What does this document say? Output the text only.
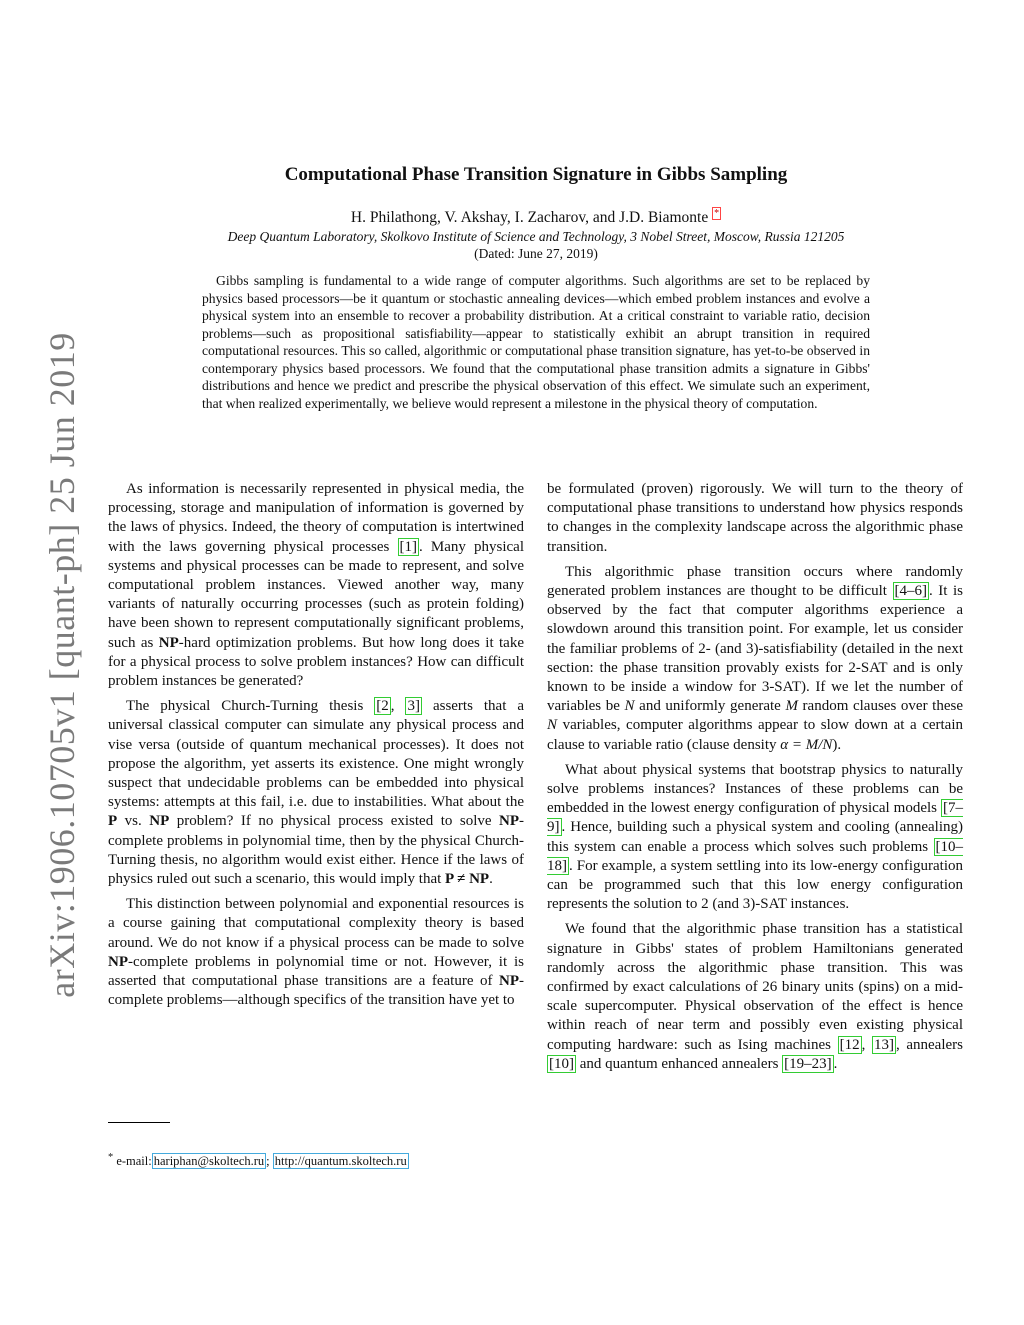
arXiv:1906.10705v1 [quant-ph] 25 Jun 2019
Computational Phase Transition Signature in Gibbs Sampling
H. Philathong, V. Akshay, I. Zacharov, and J.D. Biamonte *
Deep Quantum Laboratory, Skolkovo Institute of Science and Technology, 3 Nobel Street, Moscow, Russia 121205
(Dated: June 27, 2019)
Gibbs sampling is fundamental to a wide range of computer algorithms. Such algorithms are set to be replaced by physics based processors—be it quantum or stochastic annealing devices—which embed problem instances and evolve a physical system into an ensemble to recover a probability distribution. At a critical constraint to variable ratio, decision problems—such as propositional satisfiability—appear to statistically exhibit an abrupt transition in required computational resources. This so called, algorithmic or computational phase transition signature, has yet-to-be observed in contemporary physics based processors. We found that the computational phase transition admits a signature in Gibbs' distributions and hence we predict and prescribe the physical observation of this effect. We simulate such an experiment, that when realized experimentally, we believe would represent a milestone in the physical theory of computation.

As information is necessarily represented in physical media, the processing, storage and manipulation of information is governed by the laws of physics. Indeed, the theory of computation is intertwined with the laws governing physical processes [1] . Many physical systems and physical processes can be made to represent, and solve computational problem instances. Viewed another way, many variants of naturally occurring processes (such as protein folding) have been shown to represent computationally significant problems, such as NP-hard optimization problems. But how long does it take for a physical process to solve problem instances? How can difficult problem instances be generated?

The physical Church-Turning thesis [2 , 3] asserts that a universal classical computer can simulate any physical process and vise versa (outside of quantum mechanical processes). It does not propose the algorithm, yet asserts its existence. One might wrongly suspect that undecidable problems can be embedded into physical systems: attempts at this fail, i.e. due to instabilities. What about the P vs. NP problem? If no physical process existed to solve NP-complete problems in polynomial time, then by the physical Church-Turning thesis, no algorithm would exist either. Hence if the laws of physics ruled out such a scenario, this would imply that P ≠ NP.

This distinction between polynomial and exponential resources is a course gaining that computational complexity theory is based around. We do not know if a physical process can be made to solve NP-complete problems in polynomial time or not. However, it is asserted that computational phase transitions are a feature of NP-complete problems—although specifics of the transition have yet to

be formulated (proven) rigorously. We will turn to the theory of computational phase transitions to understand how physics responds to changes in the complexity landscape across the algorithmic phase transition.

This algorithmic phase transition occurs where randomly generated problem instances are thought to be difficult [4–6] . It is observed by the fact that computer algorithms experience a slowdown around this transition point. For example, let us consider the familiar problems of 2- (and 3)-satisfiability (detailed in the next section: the phase transition provably exists for 2-SAT and is only known to be inside a window for 3-SAT). If we let the number of variables be N and uniformly generate M random clauses over these N variables, computer algorithms appear to slow down at a certain clause to variable ratio (clause density α = M/N).

What about physical systems that bootstrap physics to naturally solve problems instances? Instances of these problems can be embedded in the lowest energy configuration of physical models [7–9] . Hence, building such a physical system and cooling (annealing) this system can enable a process which solves such problems [10–18] . For example, a system settling into its low-energy configuration can be programmed such that this low energy configuration represents the solution to 2 (and 3)-SAT instances.

We found that the algorithmic phase transition has a statistical signature in Gibbs' states of problem Hamiltonians generated randomly across the algorithmic phase transition. This was confirmed by exact calculations of 26 binary units (spins) on a mid-scale supercomputer. Physical observation of the effect is hence within reach of near term and possibly even existing physical computing hardware: such as Ising machines [12 , 13] , annealers [10] and quantum enhanced annealers [19–23] .

* e-mail: hariphan@skoltech.ru ; http://quantum.skoltech.ru
